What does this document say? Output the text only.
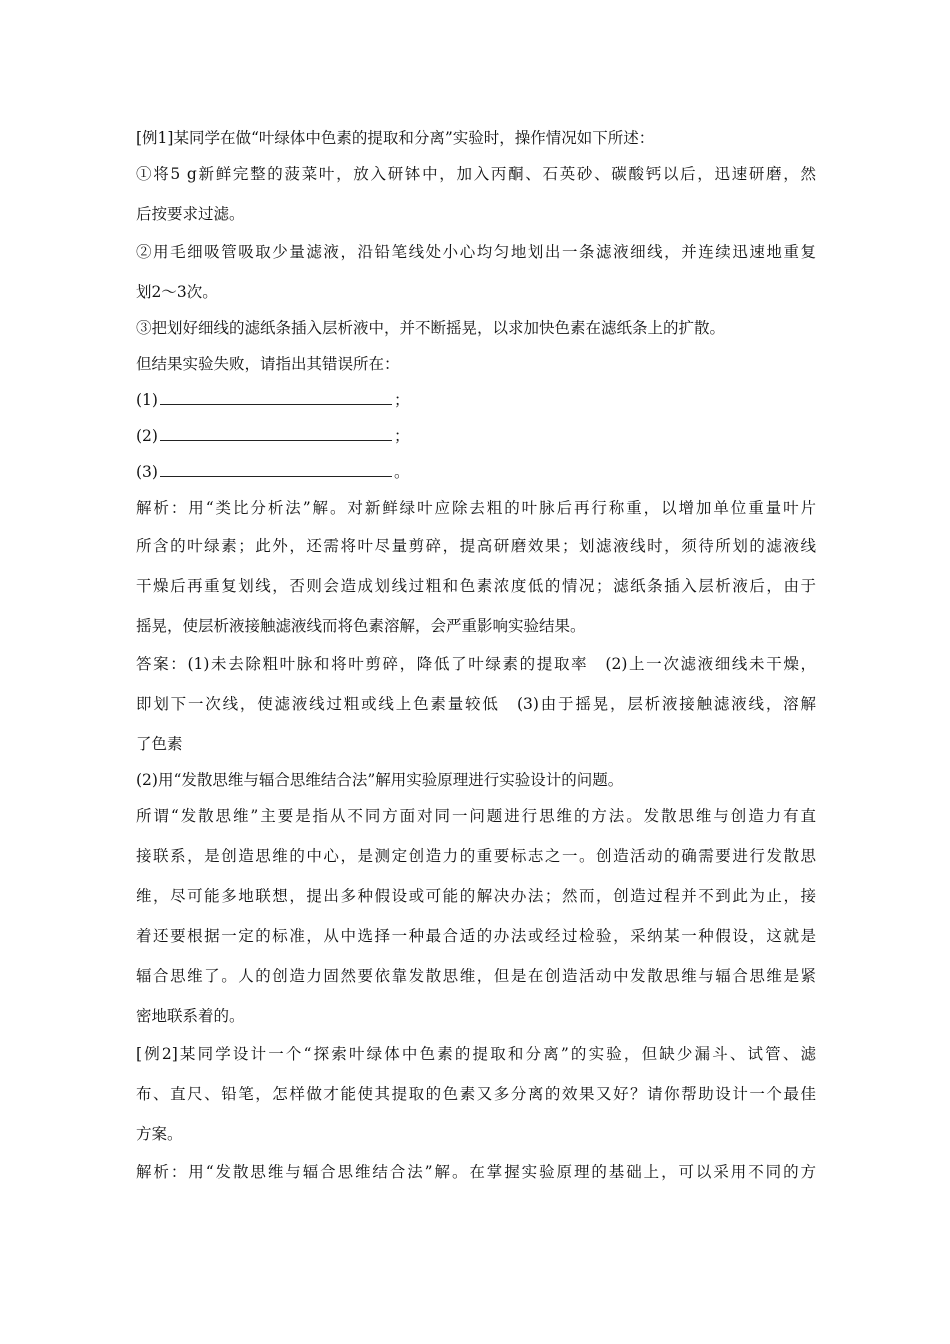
[例1]某同学在做“叶绿体中色素的提取和分离”实验时，操作情况如下所述：
①将5 g新鲜完整的菠菜叶，放入研钵中，加入丙酮、石英砂、碳酸钙以后，迅速研磨，然
后按要求过滤。
②用毛细吸管吸取少量滤液，沿铅笔线处小心均匀地划出一条滤液细线，并连续迅速地重复
划2～3次。
③把划好细线的滤纸条插入层析液中，并不断摇晃，以求加快色素在滤纸条上的扩散。
但结果实验失败，请指出其错误所在：
(1)	；
(2)	；
(3)	。
解析：用“类比分析法”解。对新鲜绿叶应除去粗的叶脉后再行称重，以增加单位重量叶片
所含的叶绿素；此外，还需将叶尽量剪碎，提高研磨效果；划滤液线时，须待所划的滤液线
干燥后再重复划线，否则会造成划线过粗和色素浓度低的情况；滤纸条插入层析液后，由于
摇晃，使层析液接触滤液线而将色素溶解，会严重影响实验结果。
答案：(1)未去除粗叶脉和将叶剪碎，降低了叶绿素的提取率　(2)上一次滤液细线未干燥，
即划下一次线，使滤液线过粗或线上色素量较低　(3)由于摇晃，层析液接触滤液线，溶解
了色素
(2)用“发散思维与辐合思维结合法”解用实验原理进行实验设计的问题。
所谓“发散思维”主要是指从不同方面对同一问题进行思维的方法。发散思维与创造力有直
接联系，是创造思维的中心，是测定创造力的重要标志之一。创造活动的确需要进行发散思
维，尽可能多地联想，提出多种假设或可能的解决办法；然而，创造过程并不到此为止，接
着还要根据一定的标准，从中选择一种最合适的办法或经过检验，采纳某一种假设，这就是
辐合思维了。人的创造力固然要依靠发散思维，但是在创造活动中发散思维与辐合思维是紧
密地联系着的。
[例2]某同学设计一个“探索叶绿体中色素的提取和分离”的实验，但缺少漏斗、试管、滤
布、直尺、铅笔，怎样做才能使其提取的色素又多分离的效果又好？请你帮助设计一个最佳
方案。
解析：用“发散思维与辐合思维结合法”解。在掌握实验原理的基础上，可以采用不同的方
